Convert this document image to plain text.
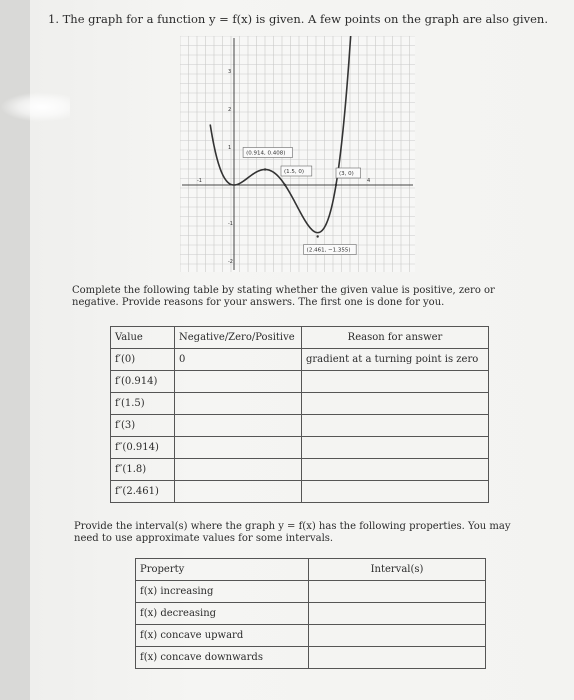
1. The graph for a function y = f(x) is given. A few points on the graph are also given.
3
2
1
-1
-2
-1	4
(0.914, 0.408)
(1.5, 0)	(3, 0)
(2.461, −1.355)
Complete the following table by stating whether the given value is positive, zero or
negative. Provide reasons for your answers. The first one is done for you.
Value	Negative/Zero/Positive	Reason for answer
f′(0)	0	gradient at a turning point is zero
f′(0.914)		
f′(1.5)		
f′(3)		
f″(0.914)		
f″(1.8)		
f″(2.461)		
Provide the interval(s) where the graph y = f(x) has the following properties. You may
need to use approximate values for some intervals.
Property	Interval(s)
f(x) increasing	
f(x) decreasing	
f(x) concave upward	
f(x) concave downwards	
